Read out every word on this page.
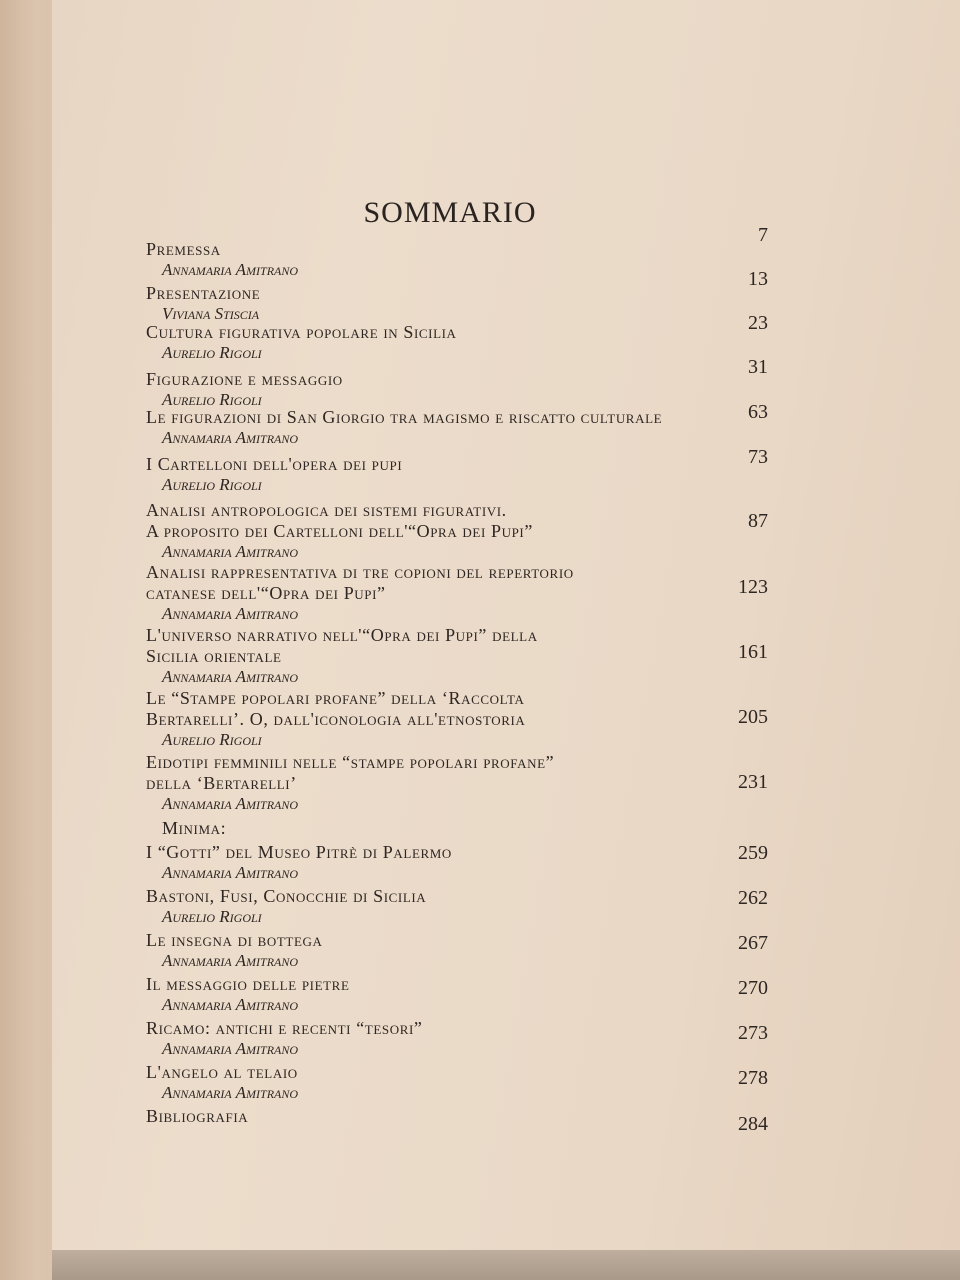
SOMMARIO
Premessa
Annamaria Amitrano
7
Presentazione
Viviana Stiscia
13
Cultura figurativa popolare in Sicilia
Aurelio Rigoli
23
Figurazione e messaggio
Aurelio Rigoli
31
Le figurazioni di San Giorgio tra magismo e riscatto culturale
Annamaria Amitrano
63
I Cartelloni dell'opera dei pupi
Aurelio Rigoli
73
Analisi antropologica dei sistemi figurativi.
A proposito dei Cartelloni dell'“Opra dei Pupi”
Annamaria Amitrano
87
Analisi rappresentativa di tre copioni del repertorio
catanese dell'“Opra dei Pupi”
Annamaria Amitrano
123
L'universo narrativo nell'“Opra dei Pupi” della
Sicilia orientale
Annamaria Amitrano
161
Le “Stampe popolari profane” della ‘Raccolta
Bertarelli’. O, dall'iconologia all'etnostoria
Aurelio Rigoli
205
Eidotipi femminili nelle “stampe popolari profane”
della ‘Bertarelli’
Annamaria Amitrano
231
Minima:
I “Gotti” del Museo Pitrè di Palermo
Annamaria Amitrano
259
Bastoni, Fusi, Conocchie di Sicilia
Aurelio Rigoli
262
Le insegna di bottega
Annamaria Amitrano
267
Il messaggio delle pietre
Annamaria Amitrano
270
Ricamo: antichi e recenti “tesori”
Annamaria Amitrano
273
L'angelo al telaio
Annamaria Amitrano
278
Bibliografia	284
